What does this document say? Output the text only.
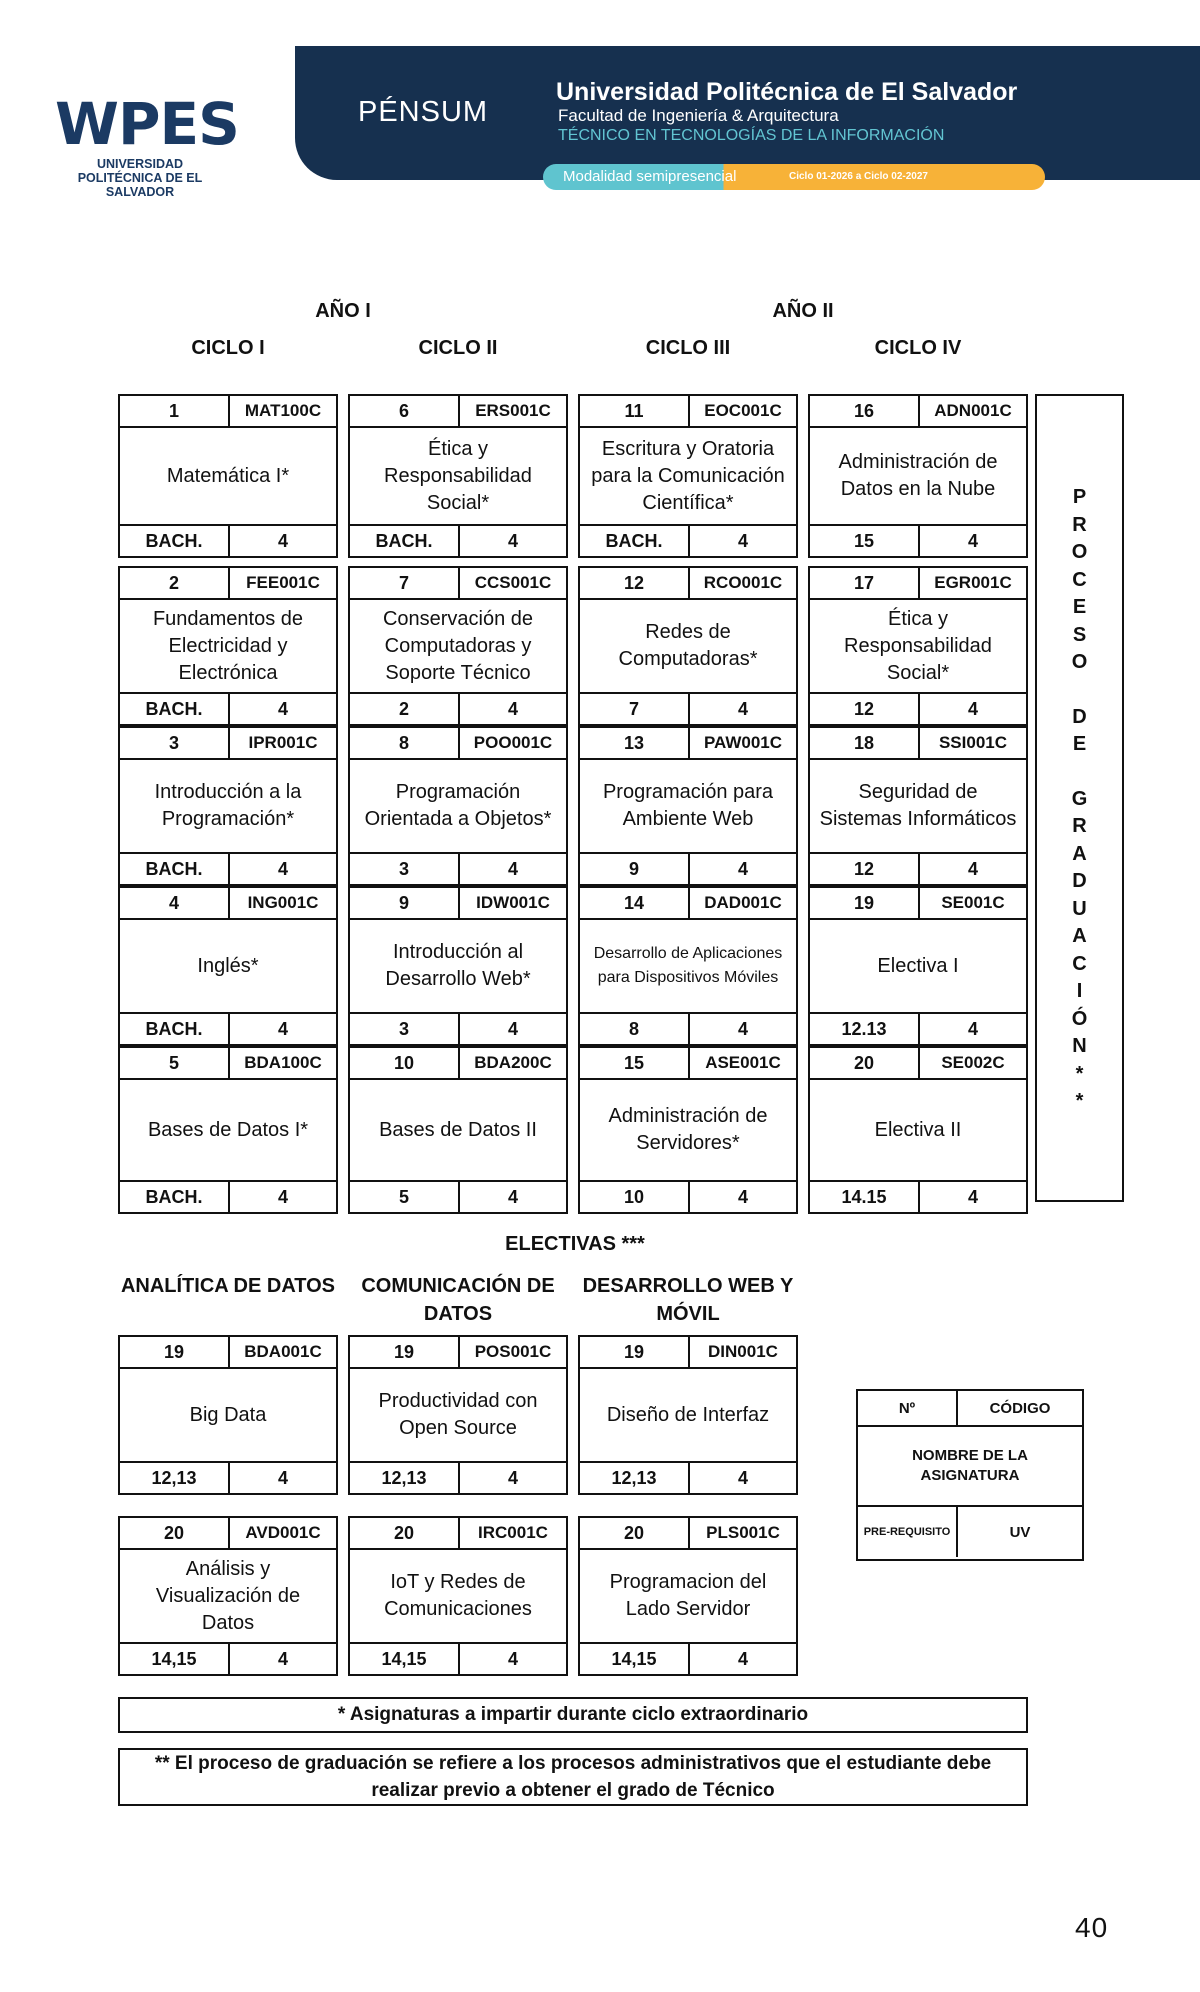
WPES
UNIVERSIDAD POLITÉCNICA DE EL SALVADOR
PÉNSUM
Universidad Politécnica de El Salvador
Facultad de Ingeniería & Arquitectura
TÉCNICO EN TECNOLOGÍAS DE LA INFORMACIÓN
Modalidad semipresencial	Ciclo 01-2026 a Ciclo 02-2027
AÑO I	AÑO II
CICLO I	CICLO II	CICLO III	CICLO IV
1	MAT100C
Matemática I*
BACH.	4
2	FEE001C
Fundamentos de Electricidad y Electrónica
BACH.	4
3	IPR001C
Introducción a la Programación*
BACH.	4
4	ING001C
Inglés*
BACH.	4
5	BDA100C
Bases de Datos I*
BACH.	4
6	ERS001C
Ética y Responsabilidad Social*
BACH.	4
7	CCS001C
Conservación de Computadoras y Soporte Técnico
2	4
8	POO001C
Programación Orientada a Objetos*
3	4
9	IDW001C
Introducción al Desarrollo Web*
3	4
10	BDA200C
Bases de Datos II
5	4
11	EOC001C
Escritura y Oratoria para la Comunicación Científica*
BACH.	4
12	RCO001C
Redes de Computadoras*
7	4
13	PAW001C
Programación para Ambiente Web
9	4
14	DAD001C
Desarrollo de Aplicaciones para Dispositivos Móviles
8	4
15	ASE001C
Administración de Servidores*
10	4
16	ADN001C
Administración de Datos en la Nube
15	4
17	EGR001C
Ética y Responsabilidad Social*
12	4
18	SSI001C
Seguridad de Sistemas Informáticos
12	4
19	SE001C
Electiva I
12.13	4
20	SE002C
Electiva II
14.15	4
P
R
O
C
E
S
O
D
E
G
R
A
D
U
A
C
I
Ó
N
*
*
ELECTIVAS ***
ANALÍTICA DE DATOS
19	BDA001C
Big Data
12,13	4
20	AVD001C
Análisis y Visualización de Datos
14,15	4
COMUNICACIÓN DE DATOS
19	POS001C
Productividad con Open Source
12,13	4
20	IRC001C
IoT y Redes de Comunicaciones
14,15	4
DESARROLLO WEB Y MÓVIL
19	DIN001C
Diseño de Interfaz
12,13	4
20	PLS001C
Programacion del Lado Servidor
14,15	4
Nº	CÓDIGO
NOMBRE DE LA ASIGNATURA
PRE-REQUISITO	UV
* Asignaturas a impartir durante ciclo extraordinario
** El proceso de graduación se refiere a los procesos administrativos que el estudiante debe realizar previo a obtener el grado de Técnico
40
